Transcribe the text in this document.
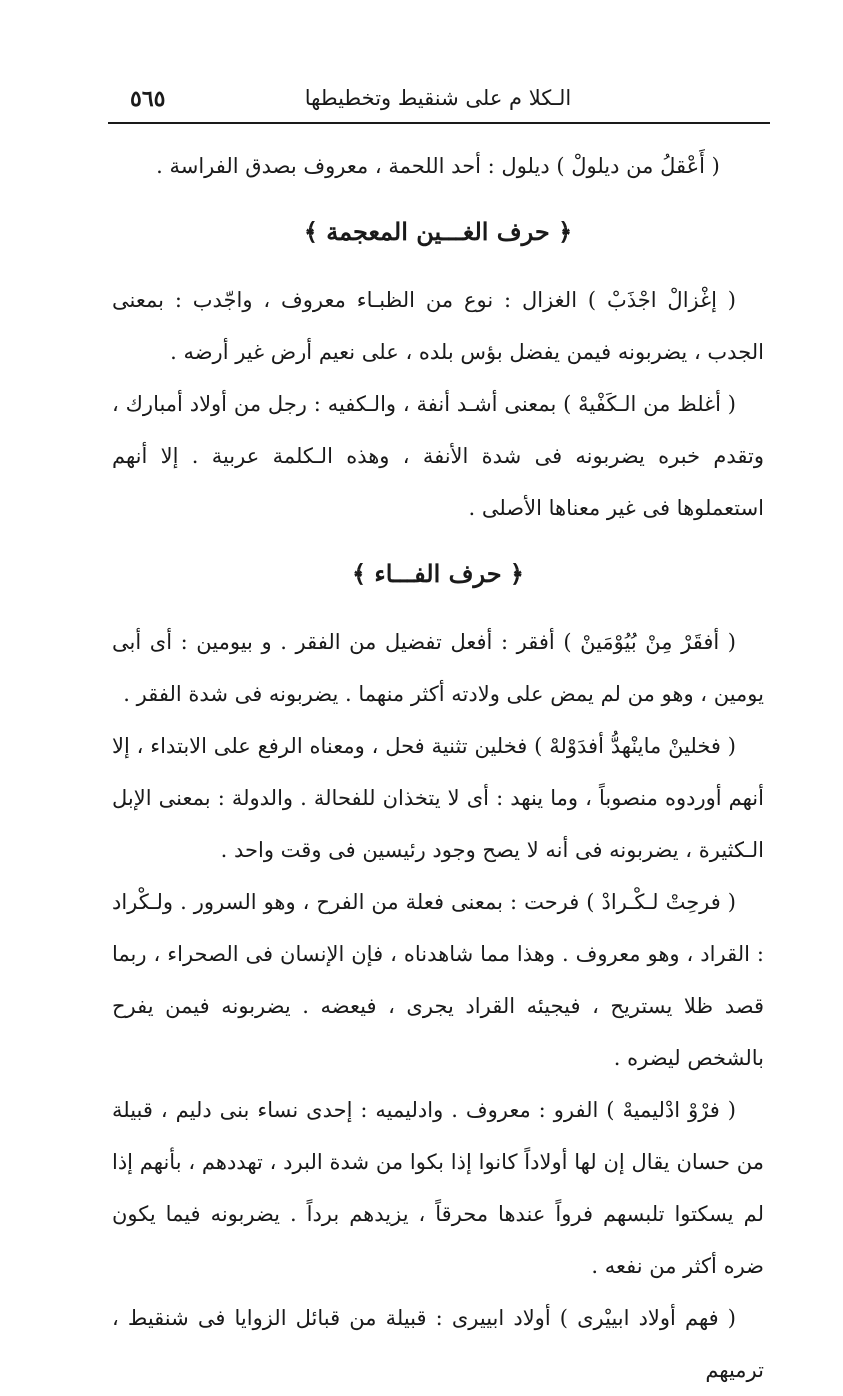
٥٦٥	الـكلا م على شنقيط وتخطيطها

( أَعْقلُ من ديلولْ ) ديلول : أحد اللحمة ، معروف بصدق الفراسة .

﴿ حرف الغـــين المعجمة ﴾

( إغْزالْ اجْذَبْ ) الغزال : نوع من الظبـاء معروف ، واجّدب : بمعنى الجدب ، يضربونه فيمن يفضل بؤس بلده ، على نعيم أرض غير أرضه .

( أغلظ من الـكَفْيهْ ) بمعنى أشـد أنفة ، والـكفيه : رجل من أولاد أمبارك ، وتقدم خبره يضربونه فى شدة الأنفة ، وهذه الـكلمة عربية . إلا أنهم استعملوها فى غير معناها الأصلى .

﴿ حرف الفـــاء ﴾

( أفقَرْ مِنْ بُيُوْمَينْ ) أفقر : أفعل تفضيل من الفقر . و بيومين : أى أبى يومين ، وهو من لم يمض على ولادته أكثر منهما . يضربونه فى شدة الفقر .

( فخلينْ ماينْهدُّ أفدَوْلهْ ) فخلين تثنية فحل ، ومعناه الرفع على الابتداء ، إلا أنهم أوردوه منصوباً ، وما ينهد : أى لا يتخذان للفحالة . والدولة : بمعنى الإبل الـكثيرة ، يضربونه فى أنه لا يصح وجود رئيسين فى وقت واحد .

( فرحِتْ لـكْـرادْ ) فرحت : بمعنى فعلة من الفرح ، وهو السرور . ولـكْراد : القراد ، وهو معروف . وهذا مما شاهدناه ، فإن الإنسان فى الصحراء ، ربما قصد ظلا يستريح ، فيجيئه القراد يجرى ، فيعضه . يضربونه فيمن يفرح بالشخص ليضره .

( فرْوْ ادْليميهْ ) الفرو : معروف . وادليميه : إحدى نساء بنى دليم ، قبيلة من حسان يقال إن لها أولاداً كانوا إذا بكوا من شدة البرد ، تهددهم ، بأنهم إذا لم يسكتوا تلبسهم فرواً عندها محرقاً ، يزيدهم برداً . يضربونه فيما يكون ضره أكثر من نفعه .

( فهم أولاد ابييْرى ) أولاد ابييرى : قبيلة من قبائل الزوايا فى شنقيط ، ترميهم
